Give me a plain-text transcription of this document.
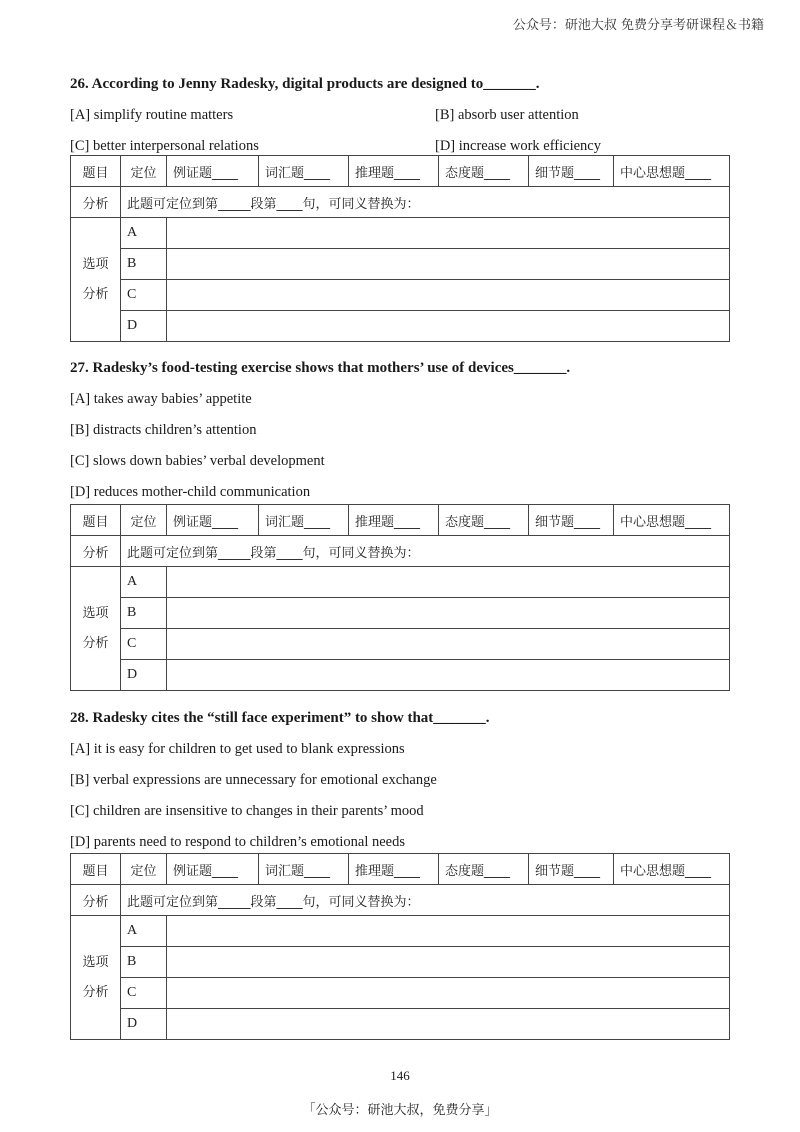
公众号：研池大叔 免费分享考研课程＆书籍

26. According to Jenny Radesky, digital products are designed to_______.

[A] simplify routine matters	[B] absorb user attention

[C] better interpersonal relations	[D] increase work efficiency

题目	定位	例证题____	词汇题____	推理题____	态度题____	细节题____	中心思想题____
分析	此题可定位到第_____段第____句，可同义替换为：						

选项
分析	A						
	B						
	C						
	D						

27. Radesky’s food-testing exercise shows that mothers’ use of devices_______.

[A] takes away babies’ appetite

[B] distracts children’s attention

[C] slows down babies’ verbal development

[D] reduces mother-child communication

题目	定位	例证题____	词汇题____	推理题____	态度题____	细节题____	中心思想题____
分析	此题可定位到第_____段第____句，可同义替换为：						

选项
分析	A						
	B						
	C						
	D						

28. Radesky cites the “still face experiment” to show that_______.

[A] it is easy for children to get used to blank expressions

[B] verbal expressions are unnecessary for emotional exchange

[C] children are insensitive to changes in their parents’ mood

[D] parents need to respond to children’s emotional needs

题目	定位	例证题____	词汇题____	推理题____	态度题____	细节题____	中心思想题____
分析	此题可定位到第_____段第____句，可同义替换为：						

选项
分析	A						
	B						
	C						
	D						
146
「公众号：研池大叔，免费分享」
